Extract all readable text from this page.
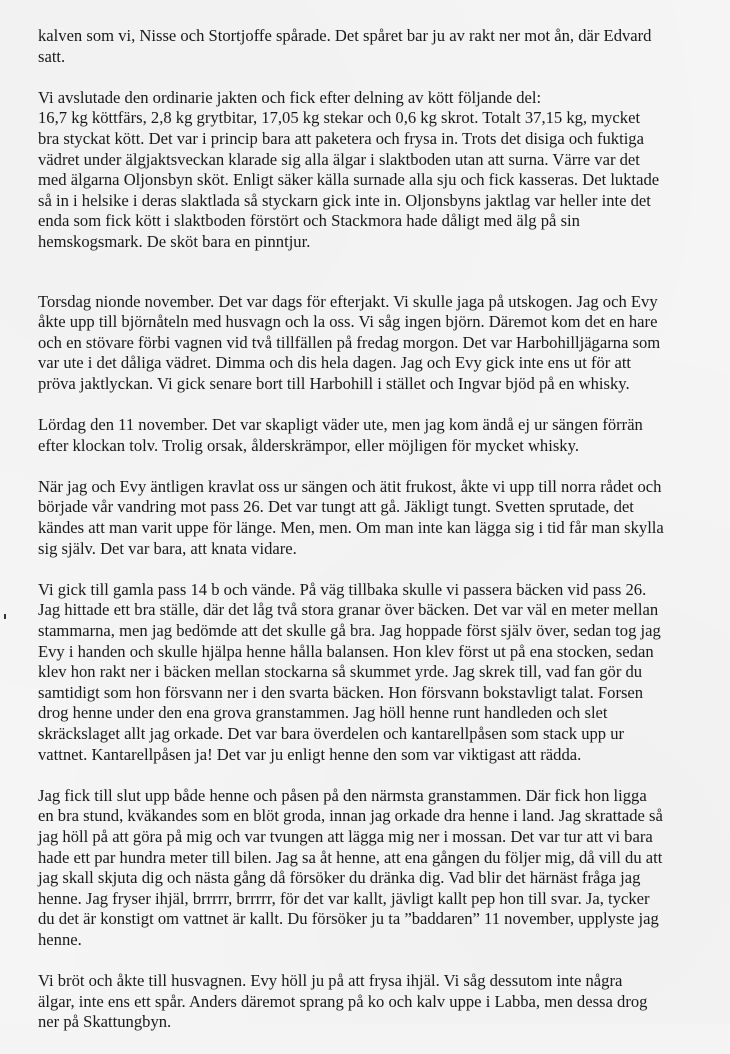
kalven som vi, Nisse och Stortjoffe spårade. Det spåret bar ju av rakt ner mot ån, där Edvard
satt.

Vi avslutade den ordinarie jakten och fick efter delning av kött följande del:
16,7 kg köttfärs, 2,8 kg grytbitar, 17,05 kg stekar och 0,6 kg skrot. Totalt 37,15 kg, mycket
bra styckat kött. Det var i princip bara att paketera och frysa in. Trots det disiga och fuktiga
vädret under älgjaktsveckan klarade sig alla älgar i slaktboden utan att surna. Värre var det
med älgarna Oljonsbyn sköt. Enligt säker källa surnade alla sju och fick kasseras. Det luktade
så in i helsike i deras slaktlada så styckarn gick inte in. Oljonsbyns jaktlag var heller inte det
enda som fick kött i slaktboden förstört och Stackmora hade dåligt med älg på sin
hemskogsmark. De sköt bara en pinntjur.

Torsdag nionde november. Det var dags för efterjakt. Vi skulle jaga på utskogen. Jag och Evy
åkte upp till björnåteln med husvagn och la oss. Vi såg ingen björn. Däremot kom det en hare
och en stövare förbi vagnen vid två tillfällen på fredag morgon. Det var Harbohilljägarna som
var ute i det dåliga vädret. Dimma och dis hela dagen. Jag och Evy gick inte ens ut för att
pröva jaktlyckan. Vi gick senare bort till Harbohill i stället och Ingvar bjöd på en whisky.

Lördag den 11 november. Det var skapligt väder ute, men jag kom ändå ej ur sängen förrän
efter klockan tolv. Trolig orsak, ålderskrämpor, eller möjligen för mycket whisky.

När jag och Evy äntligen kravlat oss ur sängen och ätit frukost, åkte vi upp till norra rådet och
började vår vandring mot pass 26. Det var tungt att gå. Jäkligt tungt. Svetten sprutade, det
kändes att man varit uppe för länge. Men, men. Om man inte kan lägga sig i tid får man skylla
sig själv. Det var bara, att knata vidare.

Vi gick till gamla pass 14 b och vände. På väg tillbaka skulle vi passera bäcken vid pass 26.
Jag hittade ett bra ställe, där det låg två stora granar över bäcken. Det var väl en meter mellan
stammarna, men jag bedömde att det skulle gå bra. Jag hoppade först själv över, sedan tog jag
Evy i handen och skulle hjälpa henne hålla balansen. Hon klev först ut på ena stocken, sedan
klev hon rakt ner i bäcken mellan stockarna så skummet yrde. Jag skrek till, vad fan gör du
samtidigt som hon försvann ner i den svarta bäcken. Hon försvann bokstavligt talat. Forsen
drog henne under den ena grova granstammen. Jag höll henne runt handleden och slet
skräckslaget allt jag orkade. Det var bara överdelen och kantarellpåsen som stack upp ur
vattnet. Kantarellpåsen ja! Det var ju enligt henne den som var viktigast att rädda.

Jag fick till slut upp både henne och påsen på den närmsta granstammen. Där fick hon ligga
en bra stund, kväkandes som en blöt groda, innan jag orkade dra henne i land. Jag skrattade så
jag höll på att göra på mig och var tvungen att lägga mig ner i mossan. Det var tur att vi bara
hade ett par hundra meter till bilen. Jag sa åt henne, att ena gången du följer mig, då vill du att
jag skall skjuta dig och nästa gång då försöker du dränka dig. Vad blir det härnäst fråga jag
henne. Jag fryser ihjäl, brrrrr, brrrrr, för det var kallt, jävligt kallt pep hon till svar. Ja, tycker
du det är konstigt om vattnet är kallt. Du försöker ju ta ”baddaren” 11 november, upplyste jag
henne.

Vi bröt och åkte till husvagnen. Evy höll ju på att frysa ihjäl. Vi såg dessutom inte några
älgar, inte ens ett spår. Anders däremot sprang på ko och kalv uppe i Labba, men dessa drog
ner på Skattungbyn.
